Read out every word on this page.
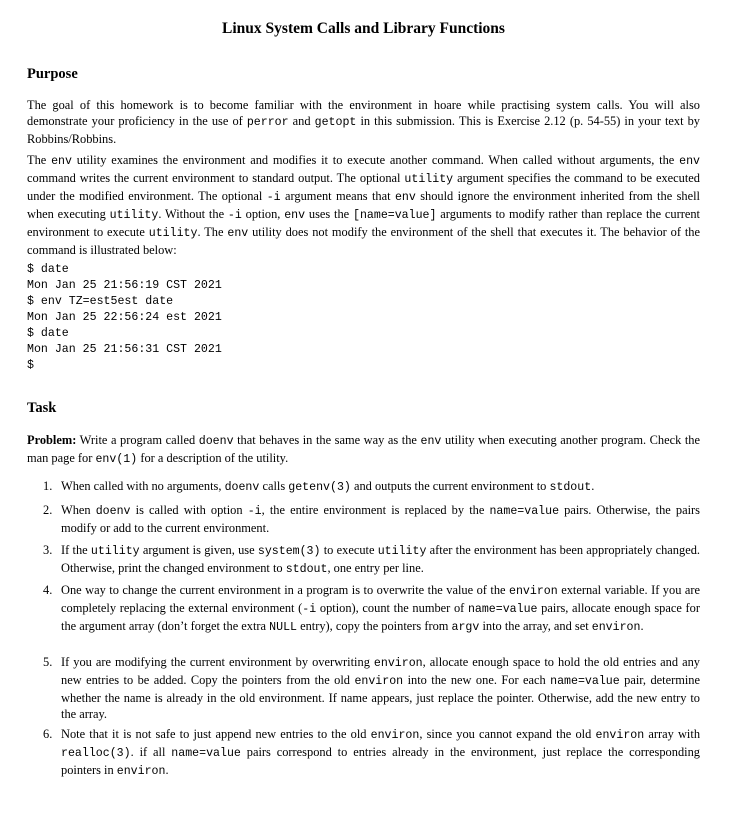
Linux System Calls and Library Functions
Purpose
The goal of this homework is to become familiar with the environment in hoare while practising system calls. You will also demonstrate your proficiency in the use of perror and getopt in this submission. This is Exercise 2.12 (p. 54-55) in your text by Robbins/Robbins.
The env utility examines the environment and modifies it to execute another command. When called without arguments, the env command writes the current environment to standard output. The optional utility argument specifies the command to be executed under the modified environment. The optional -i argument means that env should ignore the environment inherited from the shell when executing utility. Without the -i option, env uses the [name=value] arguments to modify rather than replace the current environment to execute utility. The env utility does not modify the environment of the shell that executes it. The behavior of the command is illustrated below:
$ date
Mon Jan 25 21:56:19 CST 2021
$ env TZ=est5est date
Mon Jan 25 22:56:24 est 2021
$ date
Mon Jan 25 21:56:31 CST 2021
$
Task
Problem: Write a program called doenv that behaves in the same way as the env utility when executing another program. Check the man page for env(1) for a description of the utility.
1. When called with no arguments, doenv calls getenv(3) and outputs the current environment to stdout.
2. When doenv is called with option -i, the entire environment is replaced by the name=value pairs. Otherwise, the pairs modify or add to the current environment.
3. If the utility argument is given, use system(3) to execute utility after the environment has been appropriately changed. Otherwise, print the changed environment to stdout, one entry per line.
4. One way to change the current environment in a program is to overwrite the value of the environ external variable. If you are completely replacing the external environment (-i option), count the number of name=value pairs, allocate enough space for the argument array (don’t forget the extra NULL entry), copy the pointers from argv into the array, and set environ.
5. If you are modifying the current environment by overwriting environ, allocate enough space to hold the old entries and any new entries to be added. Copy the pointers from the old environ into the new one. For each name=value pair, determine whether the name is already in the old environment. If name appears, just replace the pointer. Otherwise, add the new entry to the array.
6. Note that it is not safe to just append new entries to the old environ, since you cannot expand the old environ array with realloc(3). if all name=value pairs correspond to entries already in the environment, just replace the corresponding pointers in environ.
